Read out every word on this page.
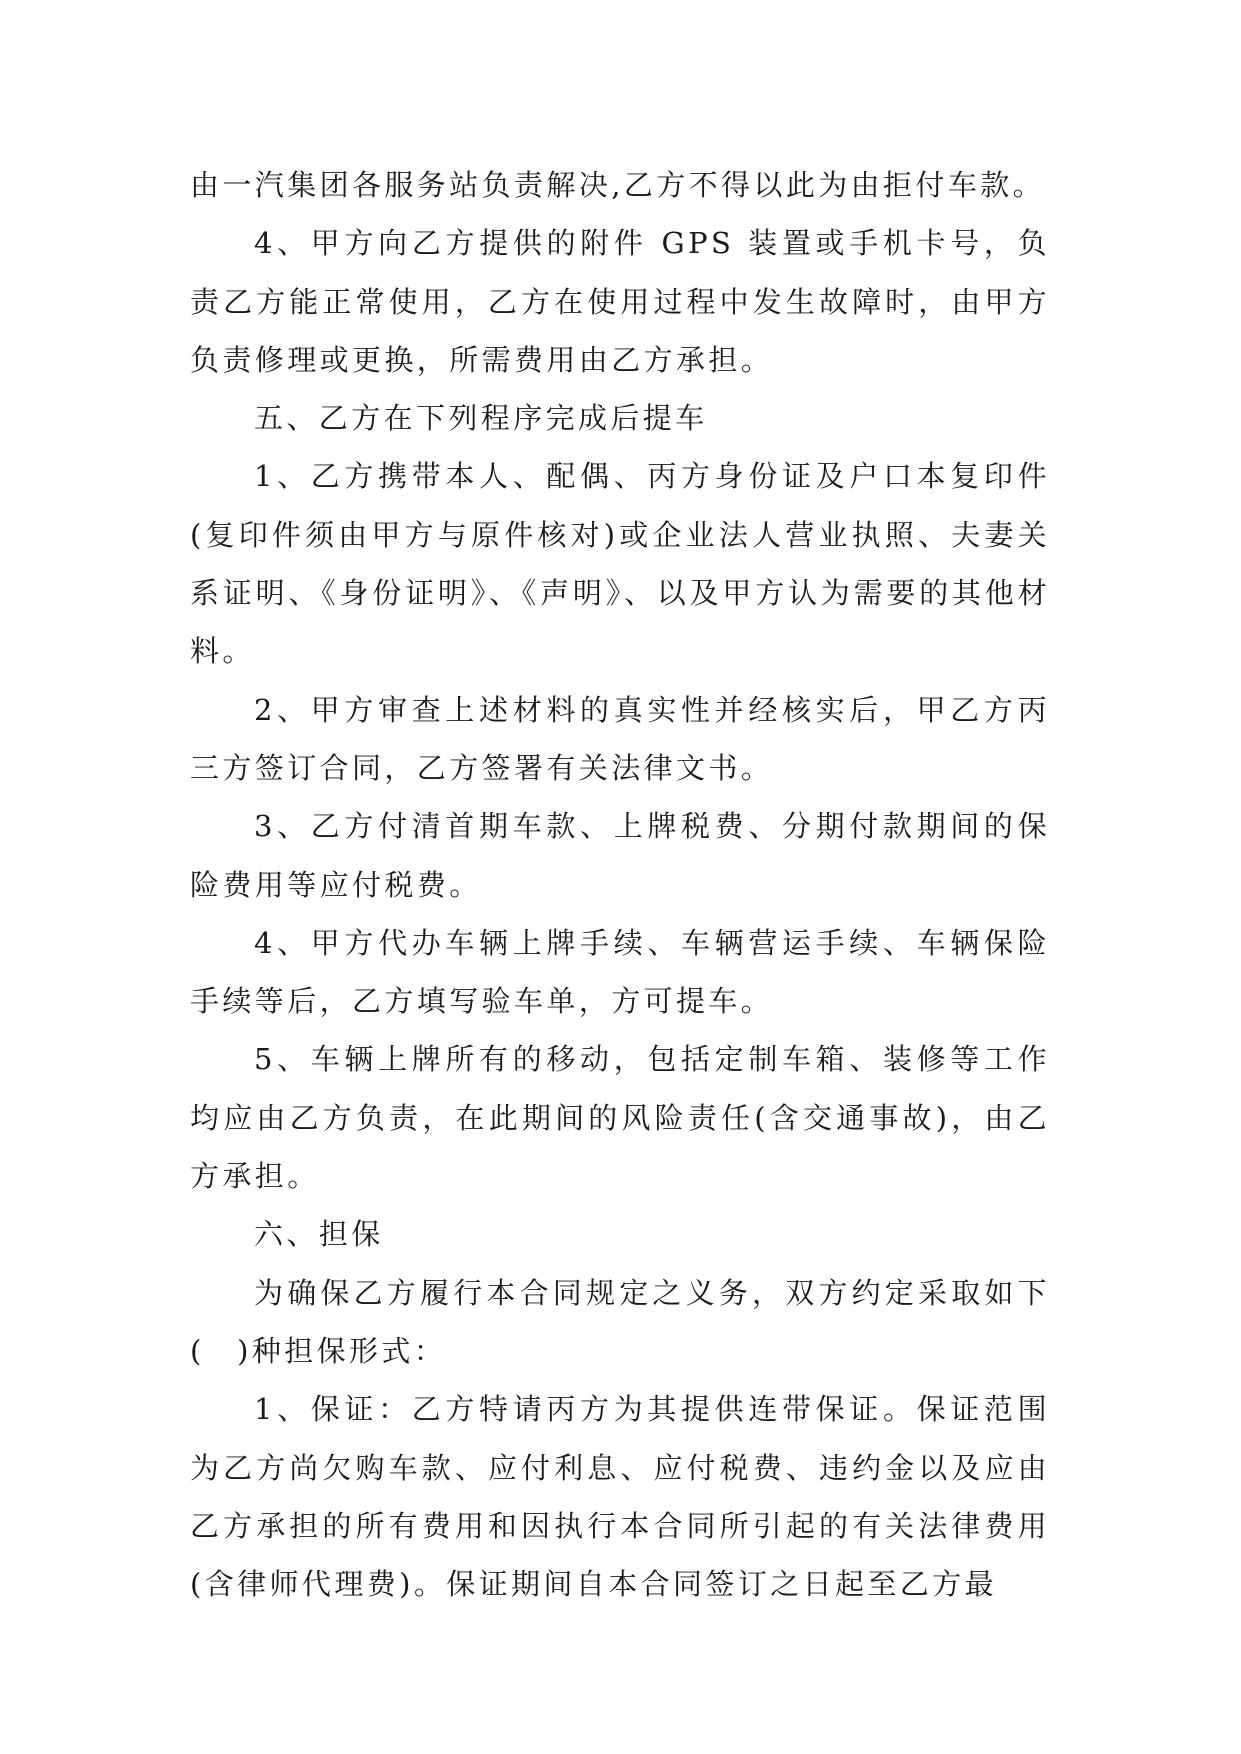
由一汽集团各服务站负责解决,乙方不得以此为由拒付车款。

4、甲方向乙方提供的附件 GPS 装置或手机卡号，负责乙方能正常使用，乙方在使用过程中发生故障时，由甲方负责修理或更换，所需费用由乙方承担。

五、乙方在下列程序完成后提车

1、乙方携带本人、配偶、丙方身份证及户口本复印件(复印件须由甲方与原件核对)或企业法人营业执照、夫妻关系证明、《身份证明》、《声明》、以及甲方认为需要的其他材料。

2、甲方审查上述材料的真实性并经核实后，甲乙方丙三方签订合同，乙方签署有关法律文书。

3、乙方付清首期车款、上牌税费、分期付款期间的保险费用等应付税费。

4、甲方代办车辆上牌手续、车辆营运手续、车辆保险手续等后，乙方填写验车单，方可提车。

5、车辆上牌所有的移动，包括定制车箱、装修等工作均应由乙方负责，在此期间的风险责任(含交通事故)，由乙方承担。

六、担保

为确保乙方履行本合同规定之义务，双方约定采取如下(　)种担保形式：

1、保证：乙方特请丙方为其提供连带保证。保证范围为乙方尚欠购车款、应付利息、应付税费、违约金以及应由乙方承担的所有费用和因执行本合同所引起的有关法律费用(含律师代理费)。保证期间自本合同签订之日起至乙方最
